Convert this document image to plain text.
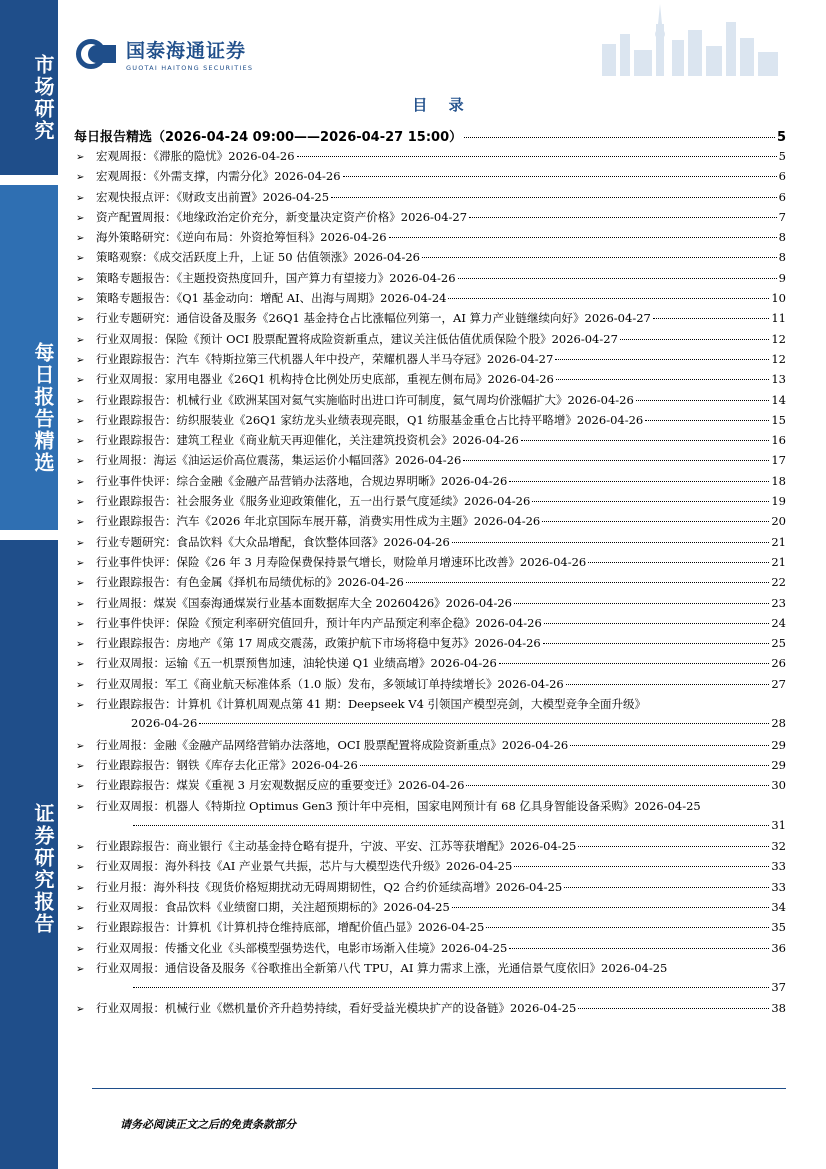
市场研究
每日报告精选
证券研究报告
国泰海通证券
GUOTAI HAITONG SECURITIES
目 录
每日报告精选（2026-04-24 09:00——2026-04-27 15:00）	5
➢	宏观周报：《滞胀的隐忧》2026-04-26	5
➢	宏观周报：《外需支撑，内需分化》2026-04-26	6
➢	宏观快报点评：《财政支出前置》2026-04-25	6
➢	资产配置周报：《地缘政治定价充分，新变量决定资产价格》2026-04-27	7
➢	海外策略研究：《逆向布局：外资抢筹恒科》2026-04-26	8
➢	策略观察：《成交活跃度上升，上证 50 估值领涨》2026-04-26	8
➢	策略专题报告：《主题投资热度回升，国产算力有望接力》2026-04-26	9
➢	策略专题报告：《Q1 基金动向：增配 AI、出海与周期》2026-04-24	10
➢	行业专题研究：通信设备及服务《26Q1 基金持仓占比涨幅位列第一，AI 算力产业链继续向好》2026-04-27	11
➢	行业双周报：保险《预计 OCI 股票配置将成险资新重点，建议关注低估值优质保险个股》2026-04-27	12
➢	行业跟踪报告：汽车《特斯拉第三代机器人年中投产，荣耀机器人半马夺冠》2026-04-27	12
➢	行业双周报：家用电器业《26Q1 机构持仓比例处历史底部，重视左侧布局》2026-04-26	13
➢	行业跟踪报告：机械行业《欧洲某国对氦气实施临时出进口许可制度，氦气周均价涨幅扩大》2026-04-26	14
➢	行业跟踪报告：纺织服装业《26Q1 家纺龙头业绩表现亮眼，Q1 纺服基金重仓占比持平略增》2026-04-26	15
➢	行业跟踪报告：建筑工程业《商业航天再迎催化，关注建筑投资机会》2026-04-26	16
➢	行业周报：海运《油运运价高位震荡，集运运价小幅回落》2026-04-26	17
➢	行业事件快评：综合金融《金融产品营销办法落地，合规边界明晰》2026-04-26	18
➢	行业跟踪报告：社会服务业《服务业迎政策催化，五一出行景气度延续》2026-04-26	19
➢	行业跟踪报告：汽车《2026 年北京国际车展开幕，消费实用性成为主题》2026-04-26	20
➢	行业专题研究：食品饮料《大众品增配，食饮整体回落》2026-04-26	21
➢	行业事件快评：保险《26 年 3 月寿险保费保持景气增长，财险单月增速环比改善》2026-04-26	21
➢	行业跟踪报告：有色金属《择机布局绩优标的》2026-04-26	22
➢	行业周报：煤炭《国泰海通煤炭行业基本面数据库大全 20260426》2026-04-26	23
➢	行业事件快评：保险《预定利率研究值回升，预计年内产品预定利率企稳》2026-04-26	24
➢	行业跟踪报告：房地产《第 17 周成交震荡，政策护航下市场将稳中复苏》2026-04-26	25
➢	行业双周报：运输《五一机票预售加速，油轮快递 Q1 业绩高增》2026-04-26	26
➢	行业双周报：军工《商业航天标准体系（1.0 版）发布，多领域订单持续增长》2026-04-26	27
➢	行业跟踪报告：计算机《计算机周观点第 41 期：Deepseek V4 引领国产模型亮剑，大模型竞争全面升级》
2026-04-26	28
➢	行业周报：金融《金融产品网络营销办法落地，OCI 股票配置将成险资新重点》2026-04-26	29
➢	行业跟踪报告：钢铁《库存去化正常》2026-04-26	29
➢	行业跟踪报告：煤炭《重视 3 月宏观数据反应的重要变迁》2026-04-26	30
➢	行业双周报：机器人《特斯拉 Optimus Gen3 预计年中亮相，国家电网预计有 68 亿具身智能设备采购》2026-04-25
31
➢	行业跟踪报告：商业银行《主动基金持仓略有提升，宁波、平安、江苏等获增配》2026-04-25	32
➢	行业双周报：海外科技《AI 产业景气共振，芯片与大模型迭代升级》2026-04-25	33
➢	行业月报：海外科技《现货价格短期扰动无碍周期韧性，Q2 合约价延续高增》2026-04-25	33
➢	行业双周报：食品饮料《业绩窗口期，关注超预期标的》2026-04-25	34
➢	行业跟踪报告：计算机《计算机持仓维持底部，增配价值凸显》2026-04-25	35
➢	行业双周报：传播文化业《头部模型强势迭代，电影市场渐入佳境》2026-04-25	36
➢	行业双周报：通信设备及服务《谷歌推出全新第八代 TPU，AI 算力需求上涨，光通信景气度依旧》2026-04-25
37
➢	行业双周报：机械行业《燃机量价齐升趋势持续，看好受益光模块扩产的设备链》2026-04-25	38
请务必阅读正文之后的免责条款部分
